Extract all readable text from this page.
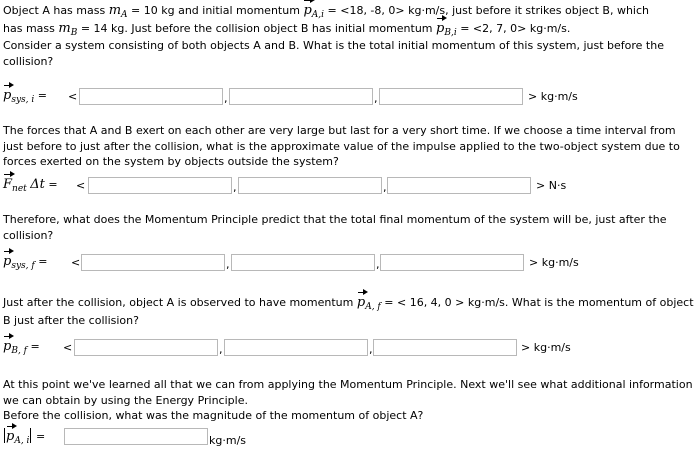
Object A has mass $m_A = 10$ kg and initial momentum $p_{A,i} = <18$, -8, 0> kg·m/s, just before it strikes object B, which
has mass $m_B = 14$ kg. Just before the collision object B has initial momentum $p_{B,i} = <2$, 7, 0> kg·m/s.
Consider a system consisting of both objects A and B. What is the total initial momentum of this system, just before the collision?
$p_{sys, i}$ = <	,	,	> kg·m/s
The forces that A and B exert on each other are very large but last for a very short time. If we choose a time interval from just before to just after the collision, what is the approximate value of the impulse applied to the two-object system due to forces exerted on the system by objects outside the system?
$F_{net}$ Δt = <	,	,	> N·s
Therefore, what does the Momentum Principle predict that the total final momentum of the system will be, just after the collision?
$p_{sys, f}$ = <	,	,	> kg·m/s
Just after the collision, object A is observed to have momentum $p_{A, f}$ = < 16, 4, 0 > kg·m/s. What is the momentum of object B just after the collision?
$p_{B, f}$ = <	,	,	> kg·m/s
At this point we've learned all that we can from applying the Momentum Principle. Next we'll see what additional information we can obtain by using the Energy Principle.
Before the collision, what was the magnitude of the momentum of object A?
$p_{A, i}$ =	kg·m/s
